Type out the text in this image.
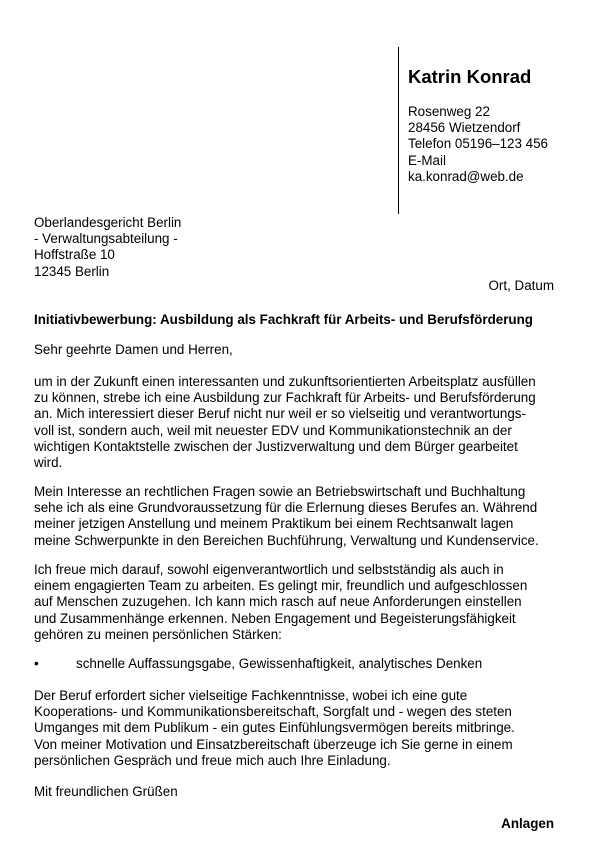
Katrin Konrad
Rosenweg 22
28456 Wietzendorf
Telefon 05196–123 456
E-Mail
ka.konrad@web.de
Oberlandesgericht Berlin
- Verwaltungsabteilung -
Hoffstraße 10
12345 Berlin
Ort, Datum
Initiativbewerbung: Ausbildung als Fachkraft für Arbeits- und Berufsförderung
Sehr geehrte Damen und Herren,
um in der Zukunft einen interessanten und zukunftsorientierten Arbeitsplatz ausfüllen
zu können, strebe ich eine Ausbildung zur Fachkraft für Arbeits- und Berufsförderung
an. Mich interessiert dieser Beruf nicht nur weil er so vielseitig und verantwortungs-
voll ist, sondern auch, weil mit neuester EDV und Kommunikationstechnik an der
wichtigen Kontaktstelle zwischen der Justizverwaltung und dem Bürger gearbeitet
wird.
Mein Interesse an rechtlichen Fragen sowie an Betriebswirtschaft und Buchhaltung
sehe ich als eine Grundvoraussetzung für die Erlernung dieses Berufes an. Während
meiner jetzigen Anstellung und meinem Praktikum bei einem Rechtsanwalt lagen
meine Schwerpunkte in den Bereichen Buchführung, Verwaltung und Kundenservice.
Ich freue mich darauf, sowohl eigenverantwortlich und selbstständig als auch in
einem engagierten Team zu arbeiten. Es gelingt mir, freundlich und aufgeschlossen
auf Menschen zuzugehen. Ich kann mich rasch auf neue Anforderungen einstellen
und Zusammenhänge erkennen. Neben Engagement und Begeisterungsfähigkeit
gehören zu meinen persönlichen Stärken:
•	schnelle Auffassungsgabe, Gewissenhaftigkeit, analytisches Denken
Der Beruf erfordert sicher vielseitige Fachkenntnisse, wobei ich eine gute
Kooperations- und Kommunikationsbereitschaft, Sorgfalt und - wegen des steten
Umganges mit dem Publikum - ein gutes Einfühlungsvermögen bereits mitbringe.
Von meiner Motivation und Einsatzbereitschaft überzeuge ich Sie gerne in einem
persönlichen Gespräch und freue mich auch Ihre Einladung.
Mit freundlichen Grüßen
Anlagen
